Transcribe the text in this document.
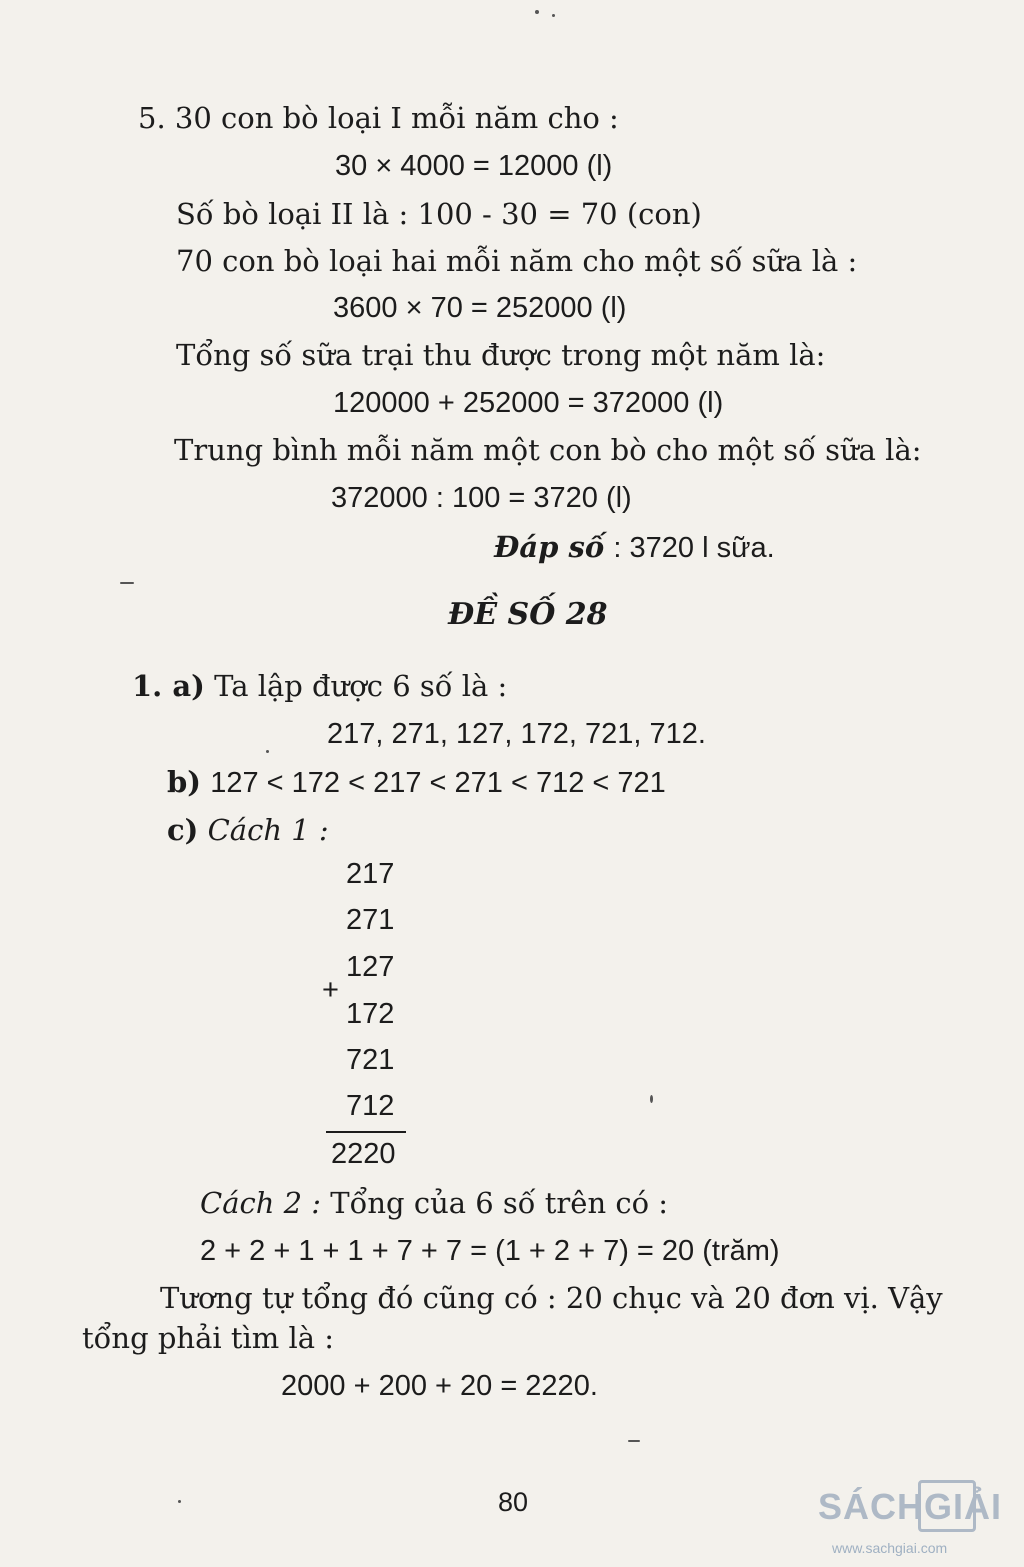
5. 30 con bò loại I mỗi năm cho :
30 × 4000 = 12000 (l)
Số bò loại II là : 100 - 30 = 70 (con)
70 con bò loại hai mỗi năm cho một số sữa là :
3600 × 70 = 252000 (l)
Tổng số sữa trại thu được trong một năm là:
120000 + 252000 = 372000 (l)
Trung bình mỗi năm một con bò cho một số sữa là:
372000 : 100 = 3720 (l)
Đáp số : 3720 l sữa.
ĐỀ SỐ 28
1. a) Ta lập được 6 số là :
217, 271, 127, 172, 721, 712.
b) 127 < 172 < 217 < 271 < 712 < 721
c) Cách 1 :
217
271
127
+
172
721
712
2220
Cách 2 : Tổng của 6 số trên có :
2 + 2 + 1 + 1 + 7 + 7 = (1 + 2 + 7) = 20 (trăm)
Tương tự tổng đó cũng có : 20 chục và 20 đơn vị. Vậy
tổng phải tìm là :
2000 + 200 + 20 = 2220.
80	SÁCH GIẢI
www.sachgiai.com
